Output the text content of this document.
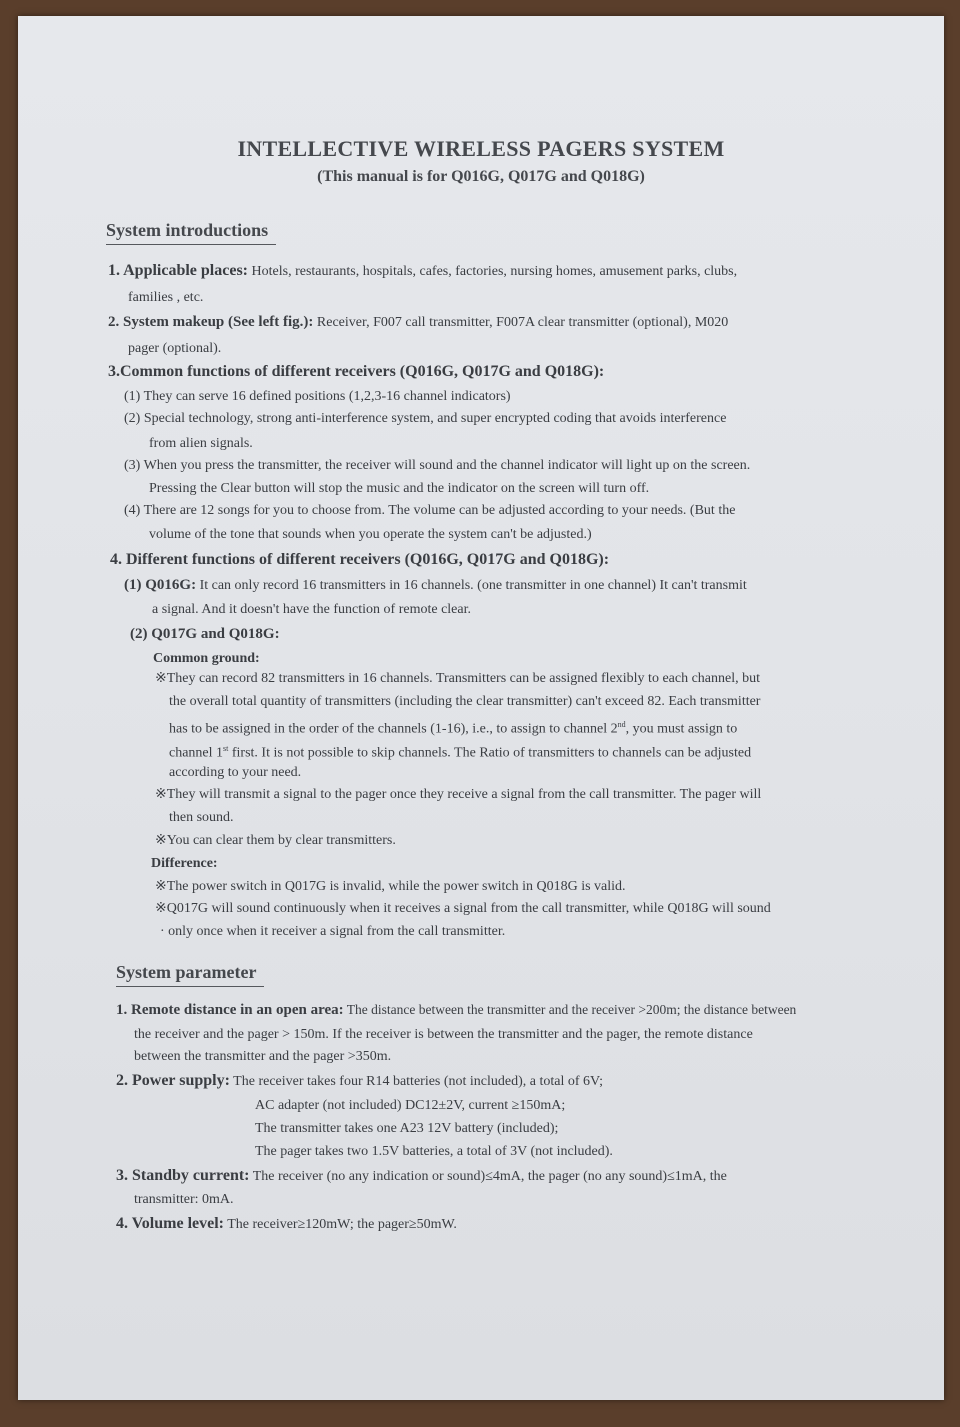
INTELLECTIVE WIRELESS PAGERS SYSTEM
(This manual is for Q016G, Q017G and Q018G)
System introductions
1. Applicable places: Hotels, restaurants, hospitals, cafes, factories, nursing homes, amusement parks, clubs,
families , etc.
2. System makeup (See left fig.): Receiver, F007 call transmitter, F007A clear transmitter (optional), M020
pager (optional).
3.Common functions of different receivers (Q016G, Q017G and Q018G):
(1) They can serve 16 defined positions (1,2,3-16 channel indicators)
(2) Special technology, strong anti-interference system, and super encrypted coding that avoids interference
from alien signals.
(3) When you press the transmitter, the receiver will sound and the channel indicator will light up on the screen.
Pressing the Clear button will stop the music and the indicator on the screen will turn off.
(4) There are 12 songs for you to choose from. The volume can be adjusted according to your needs. (But the
volume of the tone that sounds when you operate the system can't be adjusted.)
4. Different functions of different receivers (Q016G, Q017G and Q018G):
(1) Q016G: It can only record 16 transmitters in 16 channels. (one transmitter in one channel) It can't transmit
a signal. And it doesn't have the function of remote clear.
(2) Q017G and Q018G:
Common ground:
※They can record 82 transmitters in 16 channels. Transmitters can be assigned flexibly to each channel, but
the overall total quantity of transmitters (including the clear transmitter) can't exceed 82. Each transmitter
has to be assigned in the order of the channels (1-16), i.e., to assign to channel 2nd, you must assign to
channel 1st first. It is not possible to skip channels. The Ratio of transmitters to channels can be adjusted
according to your need.
※They will transmit a signal to the pager once they receive a signal from the call transmitter. The pager will
then sound.
※You can clear them by clear transmitters.
Difference:
※The power switch in Q017G is invalid, while the power switch in Q018G is valid.
※Q017G will sound continuously when it receives a signal from the call transmitter, while Q018G will sound
· only once when it receiver a signal from the call transmitter.
System parameter
1. Remote distance in an open area: The distance between the transmitter and the receiver >200m; the distance between
the receiver and the pager > 150m. If the receiver is between the transmitter and the pager, the remote distance
between the transmitter and the pager >350m.
2. Power supply: The receiver takes four R14 batteries (not included), a total of 6V;
AC adapter (not included) DC12±2V, current ≥150mA;
The transmitter takes one A23 12V battery (included);
The pager takes two 1.5V batteries, a total of 3V (not included).
3. Standby current: The receiver (no any indication or sound)≤4mA, the pager (no any sound)≤1mA, the
transmitter: 0mA.
4. Volume level: The receiver≥120mW; the pager≥50mW.
